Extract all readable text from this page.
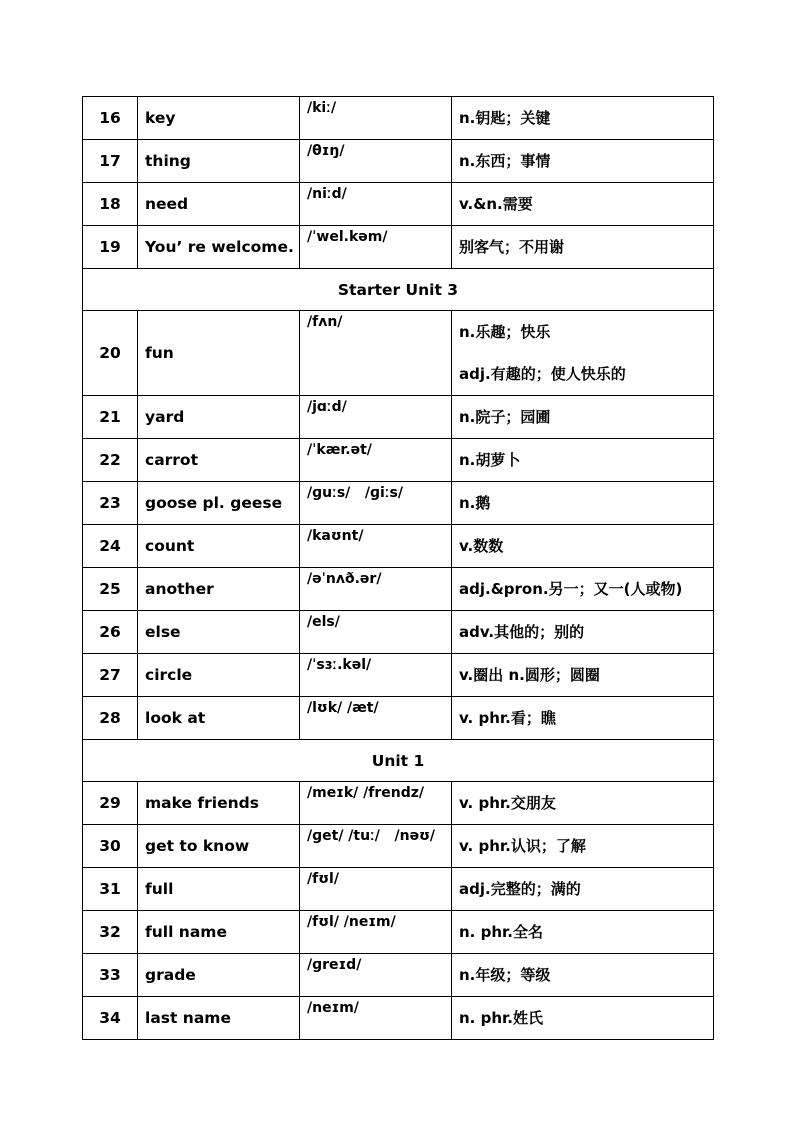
16	key	/kiː/	n.钥匙；关键

17	thing	/θɪŋ/	n.东西；事情

18	need	/niːd/	v.&n.需要

19	You’ re welcome.	/ˈwel.kəm/	别客气；不用谢

Starter Unit 3			
20	fun	/fʌn/	n.乐趣；快乐
adj.有趣的；使人快乐的

21	yard	/jɑːd/	n.院子；园圃

22	carrot	/ˈkær.ət/	n.胡萝卜

23	goose pl. geese	/ɡuːs/   /ɡiːs/	n.鹅

24	count	/kaʊnt/	v.数数

25	another	/əˈnʌð.ər/	adj.&pron.另一；又一(人或物)

26	else	/els/	adv.其他的；别的

27	circle	/ˈsɜː.kəl/	v.圈出 n.圆形；圆圈

28	look at	/lʊk/ /æt/	v. phr.看；瞧

Unit 1			
29	make friends	/meɪk/ /frendz/	v. phr.交朋友

30	get to know	/ɡet/ /tuː/   /nəʊ/	v. phr.认识；了解

31	full	/fʊl/	adj.完整的；满的

32	full name	/fʊl/ /neɪm/	n. phr.全名

33	grade	/ɡreɪd/	n.年级；等级

34	last name	/neɪm/	n. phr.姓氏
